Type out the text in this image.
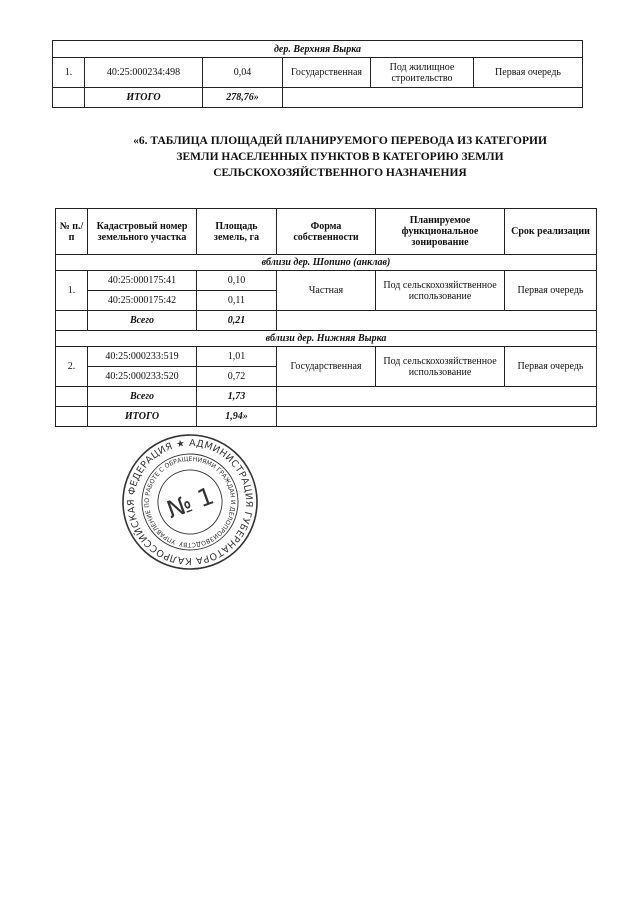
дер. Верхняя Вырка					
1.	40:25:000234:498	0,04	Государственная	Под жилищное строительство	Первая очередь
	ИТОГО	278,76»			
«6. ТАБЛИЦА ПЛОЩАДЕЙ ПЛАНИРУЕМОГО ПЕРЕВОДА ИЗ КАТЕГОРИИ
ЗЕМЛИ НАСЕЛЕННЫХ ПУНКТОВ В КАТЕГОРИЮ ЗЕМЛИ
СЕЛЬСКОХОЗЯЙСТВЕННОГО НАЗНАЧЕНИЯ
№ п./п	Кадастровый номер земельного участка	Площадь земель, га	Форма собственности	Планируемое функциональное зонирование	Срок реализации
вблизи дер. Шопино (анклав)					
1.	40:25:000175:41	0,10	Частная	Под сельскохозяйственное использование	Первая очередь
	40:25:000175:42	0,11			
	Всего	0,21			
вблизи дер. Нижняя Вырка					
2.	40:25:000233:519	1,01	Государственная	Под сельскохозяйственное использование	Первая очередь
	40:25:000233:520	0,72			
	Всего	1,73			
	ИТОГО	1,94»			
РОССИЙСКАЯ ФЕДЕРАЦИЯ ★ АДМИНИСТРАЦИЯ ГУБЕРНАТОРА КАЛУЖСКОЙ	УПРАВЛЕНИЕ ПО РАБОТЕ С ОБРАЩЕНИЯМИ ГРАЖДАН И ДЕЛОПРОИЗВОДСТВУ
№ 1
